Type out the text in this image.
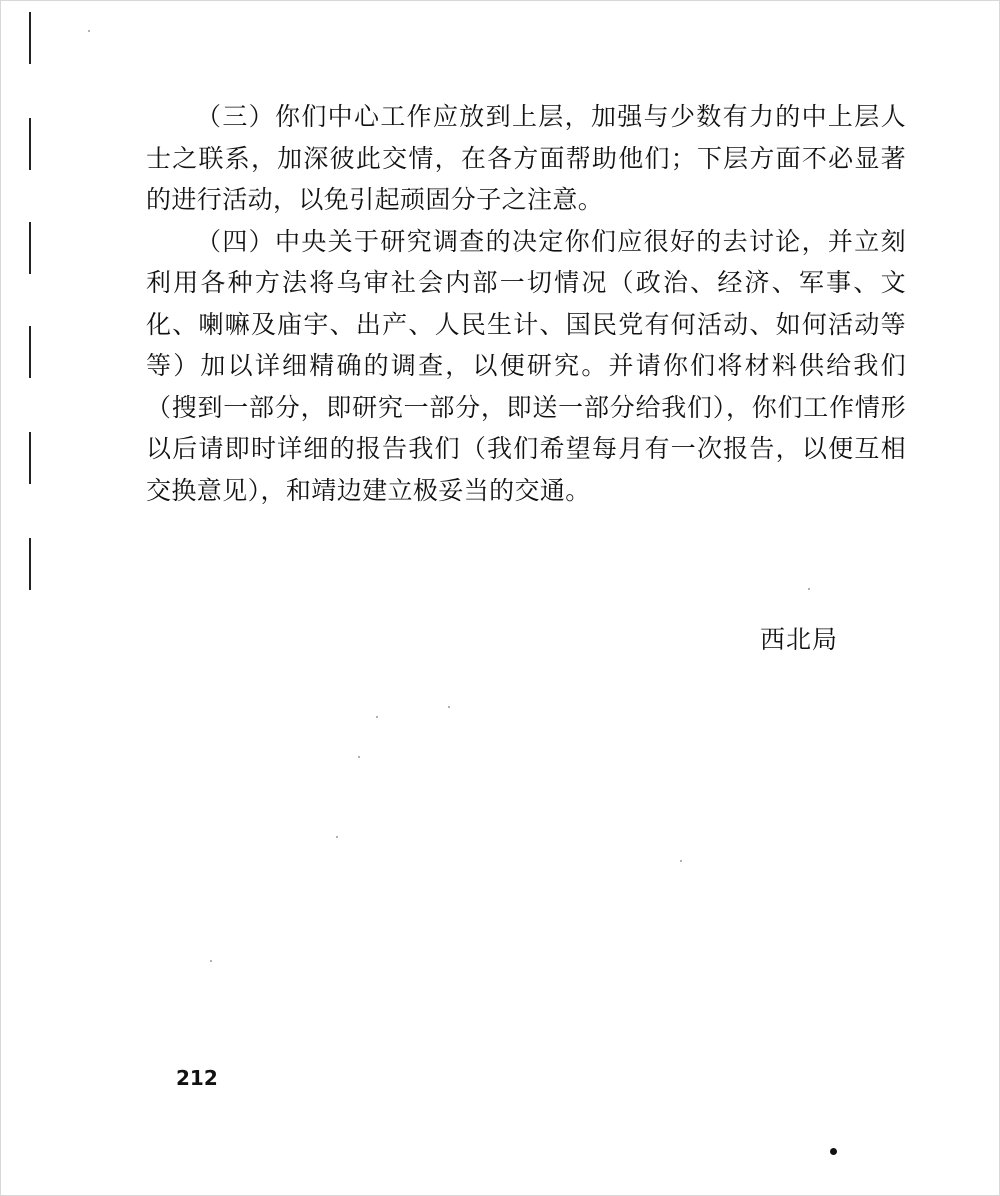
（三）你们中心工作应放到上层，加强与少数有力的中上层人士之联系，加深彼此交情，在各方面帮助他们；下层方面不必显著的进行活动，以免引起顽固分子之注意。

（四）中央关于研究调查的决定你们应很好的去讨论，并立刻利用各种方法将乌审社会内部一切情况（政治、经济、军事、文化、喇嘛及庙宇、出产、人民生计、国民党有何活动、如何活动等等）加以详细精确的调查，以便研究。并请你们将材料供给我们（搜到一部分，即研究一部分，即送一部分给我们），你们工作情形以后请即时详细的报告我们（我们希望每月有一次报告，以便互相交换意见），和靖边建立极妥当的交通。

西北局

212
